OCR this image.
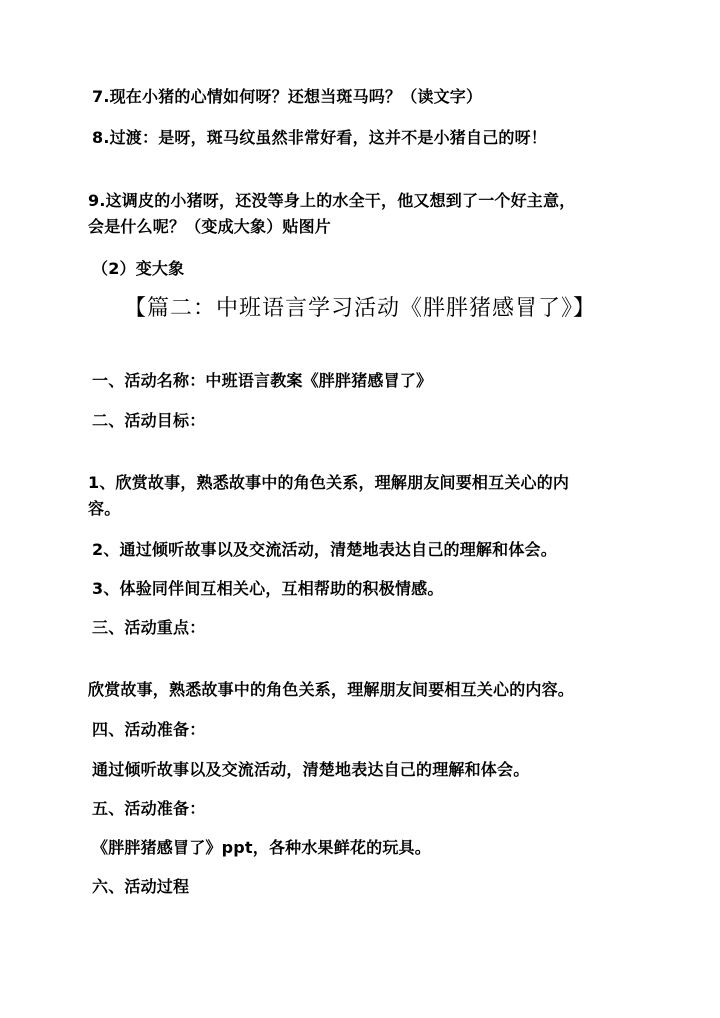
7.现在小猪的心情如何呀？还想当斑马吗？（读文字）
8.过渡：是呀，斑马纹虽然非常好看，这并不是小猪自己的呀！
9.这调皮的小猪呀，还没等身上的水全干，他又想到了一个好主意，
会是什么呢？（变成大象）贴图片
（2）变大象
【篇二：中班语言学习活动《胖胖猪感冒了》】
一、活动名称：中班语言教案《胖胖猪感冒了》
二、活动目标：
1、欣赏故事，熟悉故事中的角色关系，理解朋友间要相互关心的内
容。
2、通过倾听故事以及交流活动，清楚地表达自己的理解和体会。
3、体验同伴间互相关心，互相帮助的积极情感。
三、活动重点：
欣赏故事，熟悉故事中的角色关系，理解朋友间要相互关心的内容。
四、活动准备：
通过倾听故事以及交流活动，清楚地表达自己的理解和体会。
五、活动准备：
《胖胖猪感冒了》ppt，各种水果鲜花的玩具。
六、活动过程
